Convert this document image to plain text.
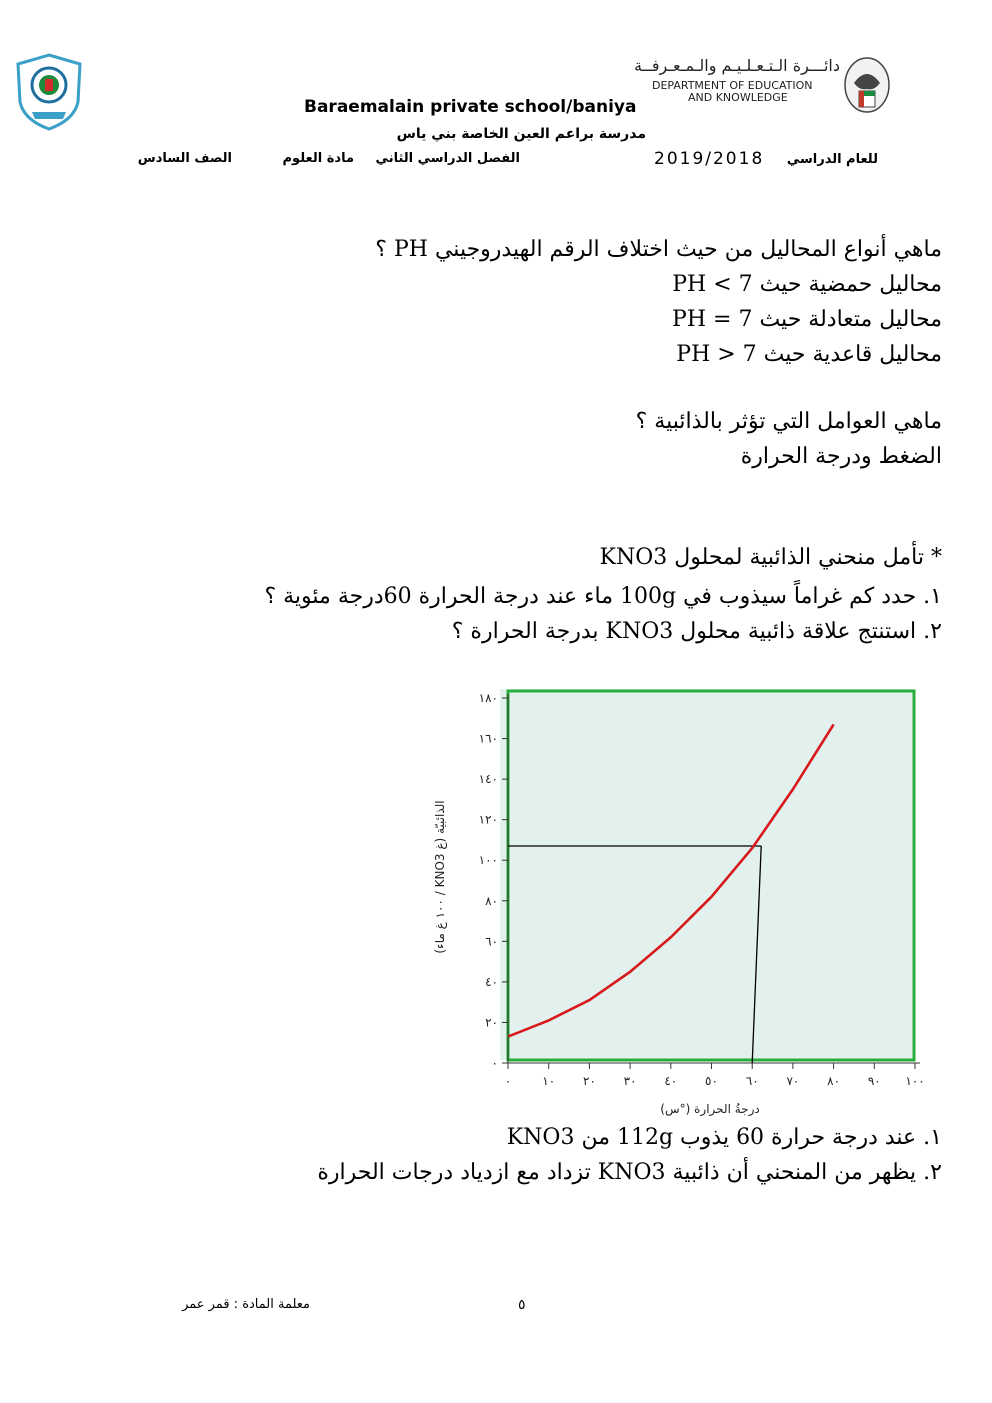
دائـــرة الـتـعـلـيـم والـمـعـرفــة
DEPARTMENT OF EDUCATION
AND KNOWLEDGE
Baraemalain private school/baniya
مدرسة براعم العين الخاصة بني ياس
للعام الدراسي
2019/2018
الفصل الدراسي الثاني
مادة العلوم
الصف السادس
ماهي أنواع المحاليل من حيث اختلاف الرقم الهيدروجيني PH ؟
محاليل حمضية حيث PH < 7
محاليل متعادلة حيث PH = 7
محاليل قاعدية حيث PH > 7
ماهي العوامل التي تؤثر بالذائبية ؟
الضغط ودرجة الحرارة
* تأمل منحني الذائبية لمحلول KNO3
١. حدد كم غراماً سيذوب في 100g ماء عند درجة الحرارة 60درجة مئوية ؟
٢. استنتج علاقة ذائبية محلول KNO3 بدرجة الحرارة ؟
٠
٢٠
٤٠
٦٠
٨٠
١٠٠
١٢٠
١٤٠
١٦٠
١٨٠
٠	١٠ ٢٠ ٣٠ ٤٠ ٥٠ ٦٠ ٧٠ ٨٠ ٩٠ ١٠٠
درجةُ الحرارة (°س)
الذائبيّة (غ KNO3 / ١٠٠ غ ماء)
١. عند درجة حرارة 60 يذوب 112g من KNO3
٢. يظهر من المنحني أن ذائبية KNO3 تزداد مع ازدياد درجات الحرارة
معلمة المادة : قمر عمر	٥
